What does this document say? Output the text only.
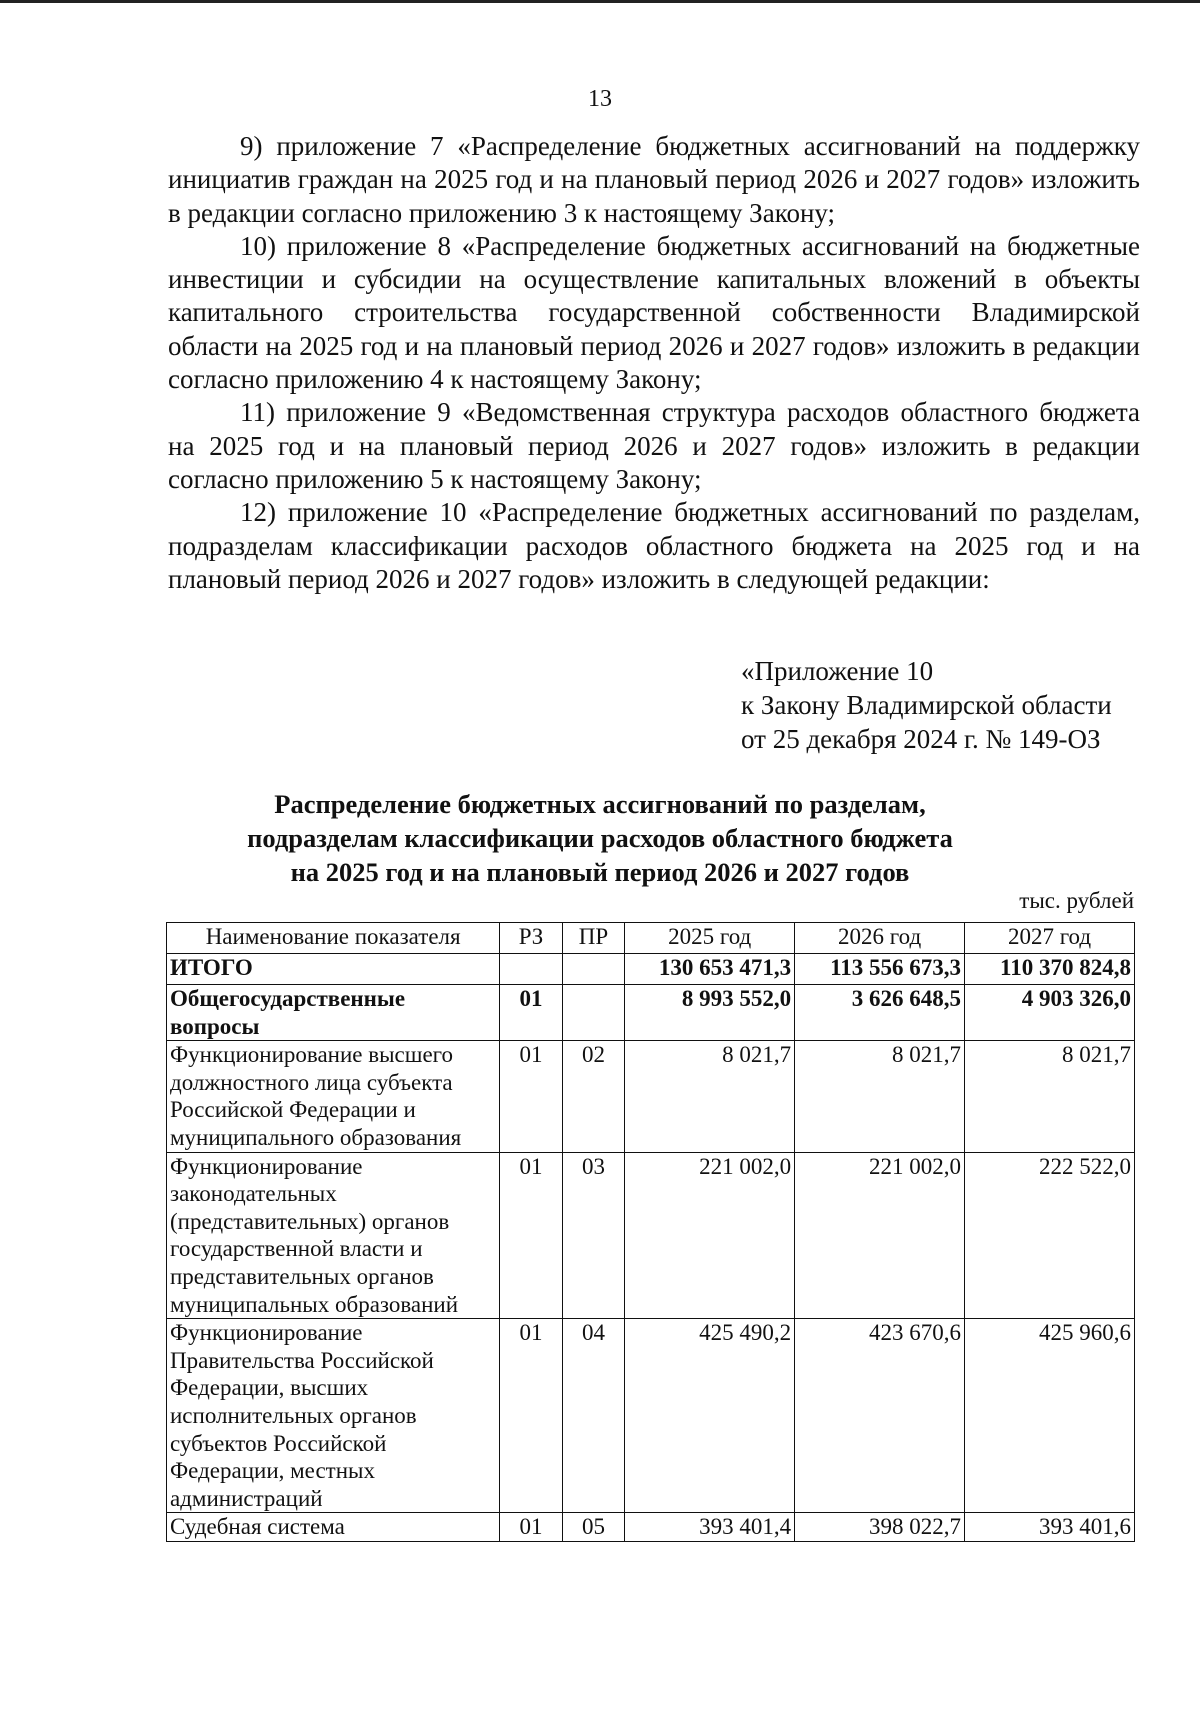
13

9) приложение 7 «Распределение бюджетных ассигнований на поддержку инициатив граждан на 2025 год и на плановый период 2026 и 2027 годов» изложить в редакции согласно приложению 3 к настоящему Закону;

10) приложение 8 «Распределение бюджетных ассигнований на бюджетные инвестиции и субсидии на осуществление капитальных вложений в объекты капитального строительства государственной собственности Владимирской области на 2025 год и на плановый период 2026 и 2027 годов» изложить в редакции согласно приложению 4 к настоящему Закону;

11) приложение 9 «Ведомственная структура расходов областного бюджета на 2025 год и на плановый период 2026 и 2027 годов» изложить в редакции согласно приложению 5 к настоящему Закону;

12) приложение 10 «Распределение бюджетных ассигнований по разделам, подразделам классификации расходов областного бюджета на 2025 год и на плановый период 2026 и 2027 годов» изложить в следующей редакции:

«Приложение 10
к Закону Владимирской области
от 25 декабря 2024 г. № 149-ОЗ
Распределение бюджетных ассигнований по разделам,
подразделам классификации расходов областного бюджета
на 2025 год и на плановый период 2026 и 2027 годов
тыс. рублей
Наименование показателя	РЗ	ПР	2025 год	2026 год	2027 год
ИТОГО			130 653 471,3	113 556 673,3	110 370 824,8
Общегосударственные вопросы	01		8 993 552,0	3 626 648,5	4 903 326,0
Функционирование высшего должностного лица субъекта Российской Федерации и муниципального образования	01	02	8 021,7	8 021,7	8 021,7
Функционирование законодательных (представительных) органов государственной власти и представительных органов муниципальных образований	01	03	221 002,0	221 002,0	222 522,0
Функционирование Правительства Российской Федерации, высших исполнительных органов субъектов Российской Федерации, местных администраций	01	04	425 490,2	423 670,6	425 960,6
Судебная система	01	05	393 401,4	398 022,7	393 401,6
